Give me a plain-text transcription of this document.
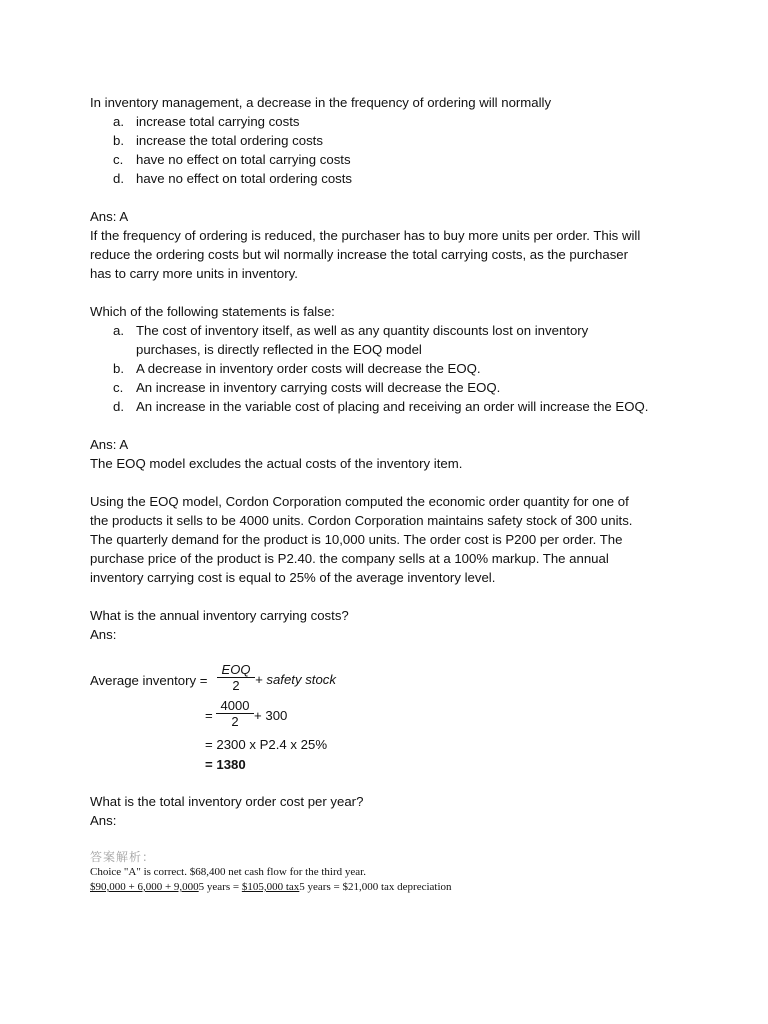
In inventory management, a decrease in the frequency of ordering will normally
a. increase total carrying costs
b. increase the total ordering costs
c. have no effect on total carrying costs
d. have no effect on total ordering costs
Ans: A
If the frequency of ordering is reduced, the purchaser has to buy more units per order. This will
reduce the ordering costs but wil normally increase the total carrying costs, as the purchaser
has to carry more units in inventory.
Which of the following statements is false:
a. The cost of inventory itself, as well as any quantity discounts lost on inventory
purchases, is directly reflected in the EOQ model
b. A decrease in inventory order costs will decrease the EOQ.
c. An increase in inventory carrying costs will decrease the EOQ.
d. An increase in the variable cost of placing and receiving an order will increase the EOQ.
Ans: A
The EOQ model excludes the actual costs of the inventory item.
Using the EOQ model, Cordon Corporation computed the economic order quantity for one of
the products it sells to be 4000 units. Cordon Corporation maintains safety stock of 300 units.
The quarterly demand for the product is 10,000 units. The order cost is P200 per order. The
purchase price of the product is P2.40. the company sells at a 100% markup. The annual
inventory carrying cost is equal to 25% of the average inventory level.
What is the annual inventory carrying costs?
Ans:
Average inventory =
EOQ
2	+ safety stock
= $\frac{4000}{2} + 300$
= 2300 x P2.4 x 25%
= 1380
What is the total inventory order cost per year?
Ans:
答案解析：
Choice "A" is correct. $68,400 net cash flow for the third year.
$90,000 + 6,000 + 9,0005 years = $105,000 tax5 years = $21,000 tax depreciation
